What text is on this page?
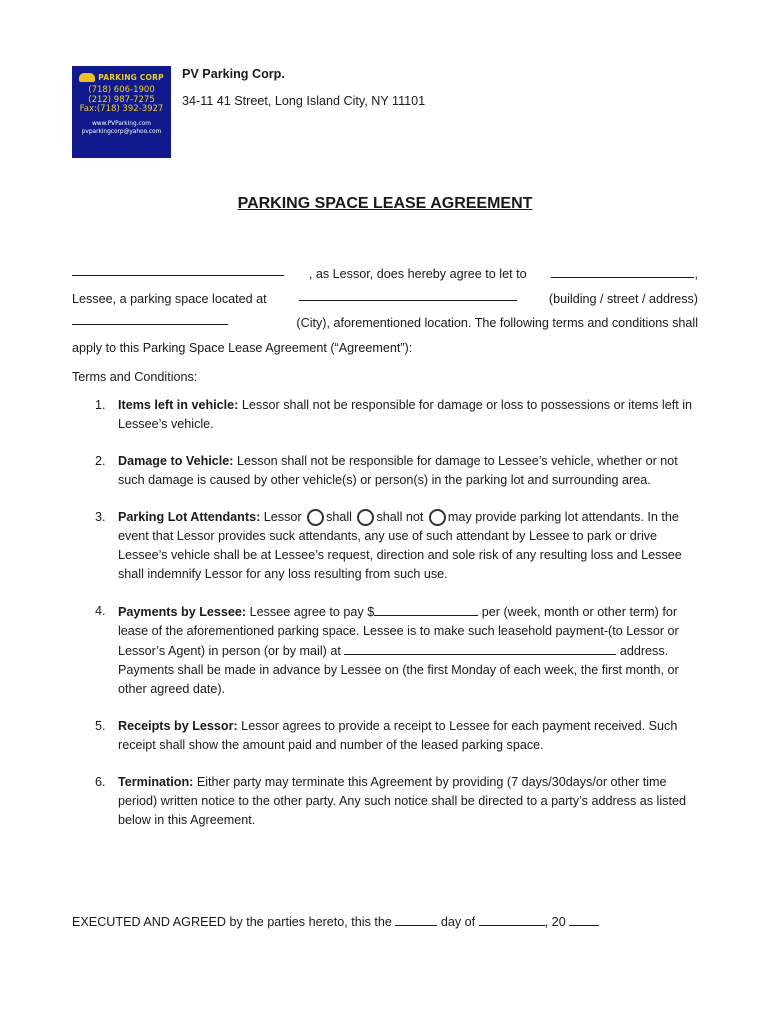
PARKING CORP
(718) 606-1900
(212) 987-7275
Fax:(718) 392-3927
www.PVParking.com
pvparkingcorp@yahoo.com
PV Parking Corp.
34-11 41 Street, Long Island City, NY 11101
PARKING SPACE LEASE AGREEMENT
, as Lessor, does hereby agree to let to	,
Lessee, a parking space located at	(building / street / address)
(City), aforementioned location. The following terms and conditions shall
apply to this Parking Space Lease Agreement (“Agreement”):
Terms and Conditions:
1. Items left in vehicle: Lessor shall not be responsible for damage or loss to possessions or items left in Lessee’s vehicle.
2. Damage to Vehicle: Lesson shall not be responsible for damage to Lessee’s vehicle, whether or not such damage is caused by other vehicle(s) or person(s) in the parking lot and surrounding area.
3. Parking Lot Attendants: Lessor shall shall not may provide parking lot attendants. In the event that Lessor provides suck attendants, any use of such attendant by Lessee to park or drive Lessee’s vehicle shall be at Lessee’s request, direction and sole risk of any resulting loss and Lessee shall indemnify Lessor for any loss resulting from such use.
4. Payments by Lessee: Lessee agree to pay $	per (week, month or other term) for lease of the aforementioned parking space. Lessee is to make such leasehold payment-(to Lessor or Lessor’s Agent) in person (or by mail) at	address. Payments shall be made in advance by Lessee on (the first Monday of each week, the first month, or other agreed date).
5. Receipts by Lessor: Lessor agrees to provide a receipt to Lessee for each payment received. Such receipt shall show the amount paid and number of the leased parking space.
6. Termination: Either party may terminate this Agreement by providing (7 days/30days/or other time period) written notice to the other party. Any such notice shall be directed to a party’s address as listed below in this Agreement.
EXECUTED AND AGREED by the parties hereto, this the	day of	, 20
